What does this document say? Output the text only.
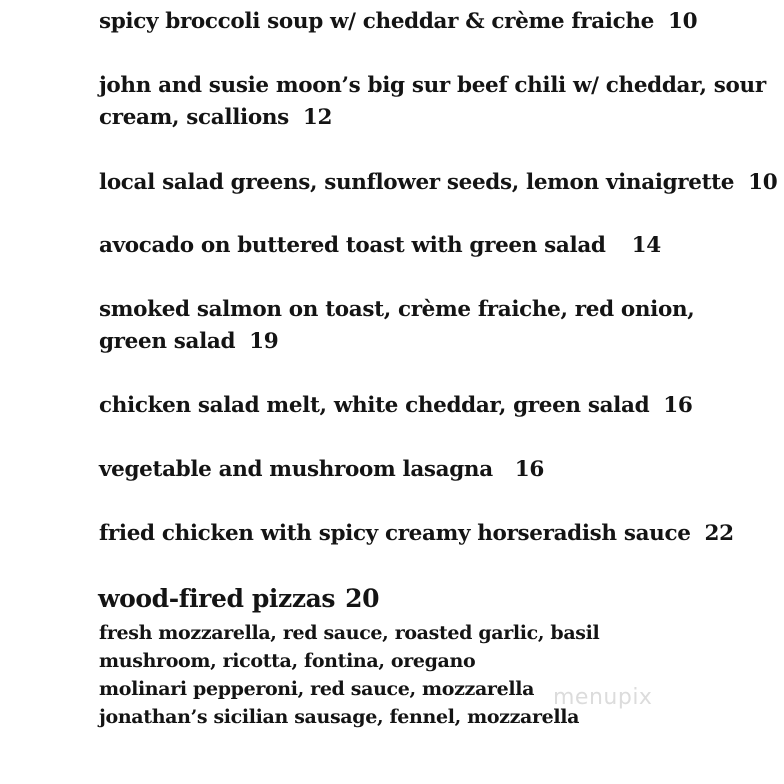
spicy broccoli soup w/ cheddar & crème fraiche 10
john and susie moon’s big sur beef chili w/ cheddar, sour
cream, scallions 12
local salad greens, sunflower seeds, lemon vinaigrette 10
avocado on buttered toast with green salad 14
smoked salmon on toast, crème fraiche, red onion,
green salad 19
chicken salad melt, white cheddar, green salad 16
vegetable and mushroom lasagna 16
fried chicken with spicy creamy horseradish sauce 22
wood-fired pizzas 20
fresh mozzarella, red sauce, roasted garlic, basil
mushroom, ricotta, fontina, oregano
molinari pepperoni, red sauce, mozzarella
jonathan’s sicilian sausage, fennel, mozzarella
menupix
